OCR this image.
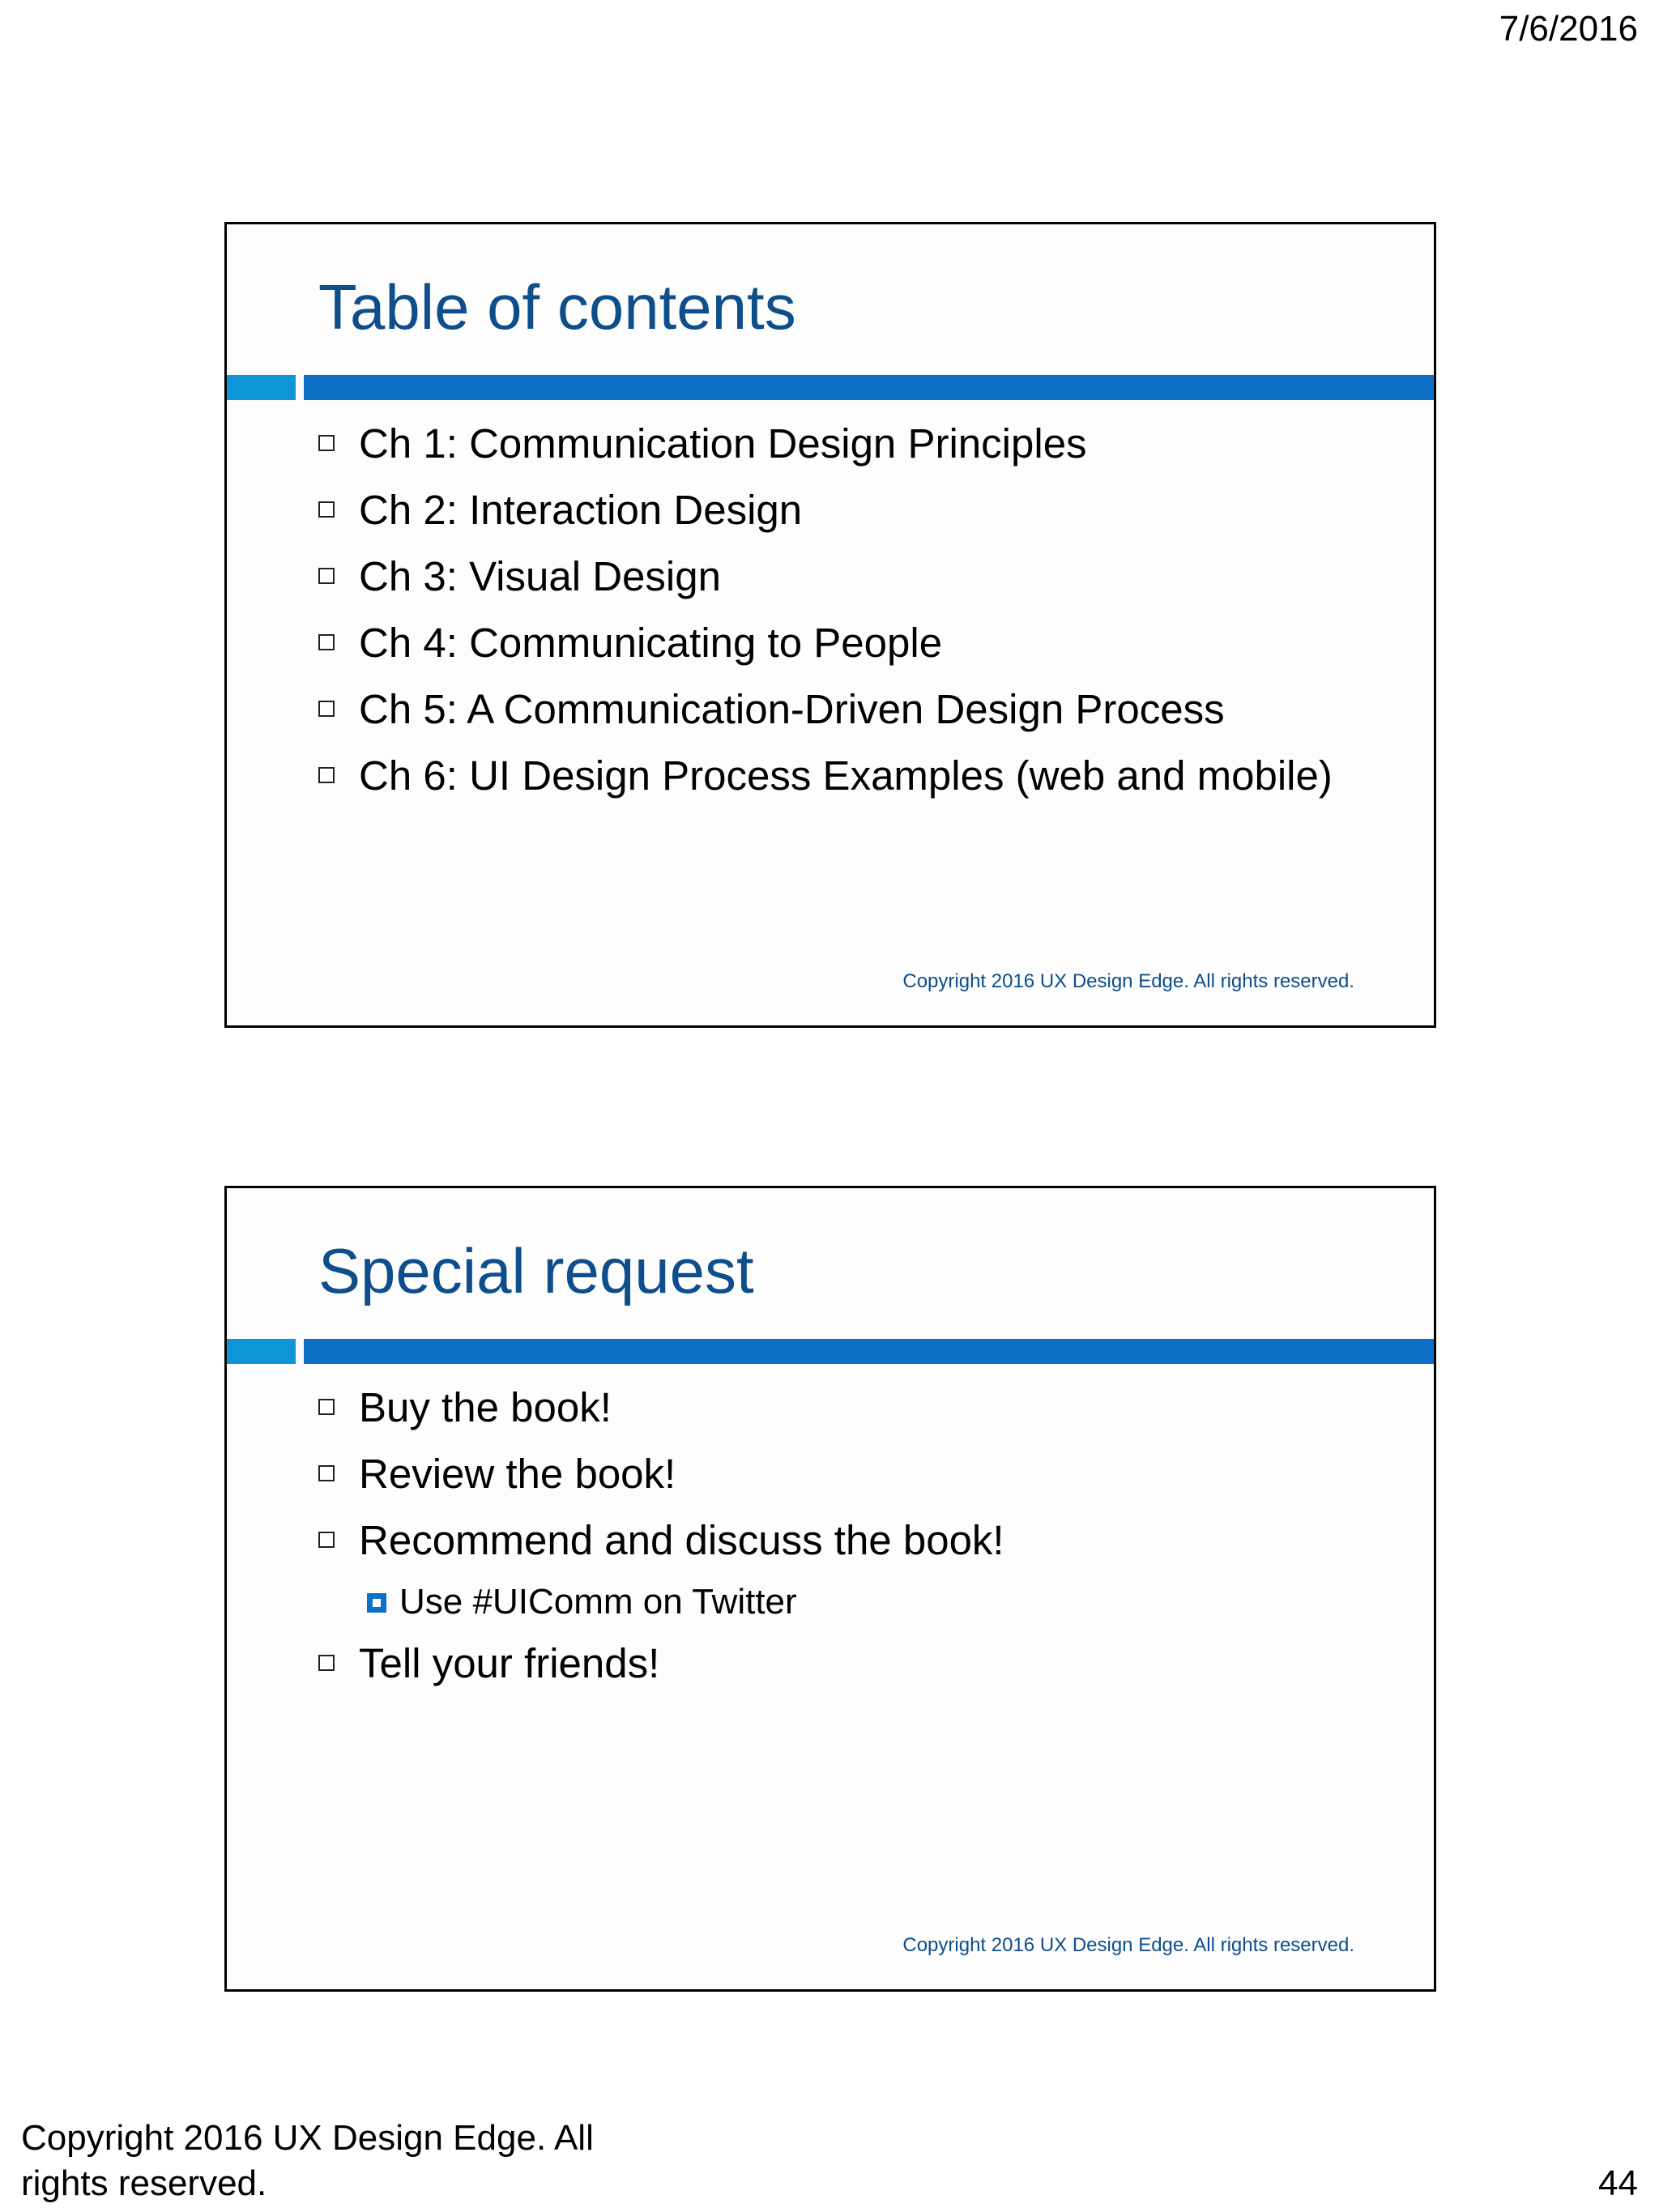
7/6/2016
Table of contents
Ch 1: Communication Design Principles
Ch 2: Interaction Design
Ch 3: Visual Design
Ch 4: Communicating to People
Ch 5: A Communication-Driven Design Process
Ch 6: UI Design Process Examples (web and mobile)
Copyright 2016 UX Design Edge. All rights reserved.
Special request
Buy the book!
Review the book!
Recommend and discuss the book!
Use #UIComm on Twitter
Tell your friends!
Copyright 2016 UX Design Edge. All rights reserved.
Copyright 2016 UX Design Edge. All rights reserved.	44
